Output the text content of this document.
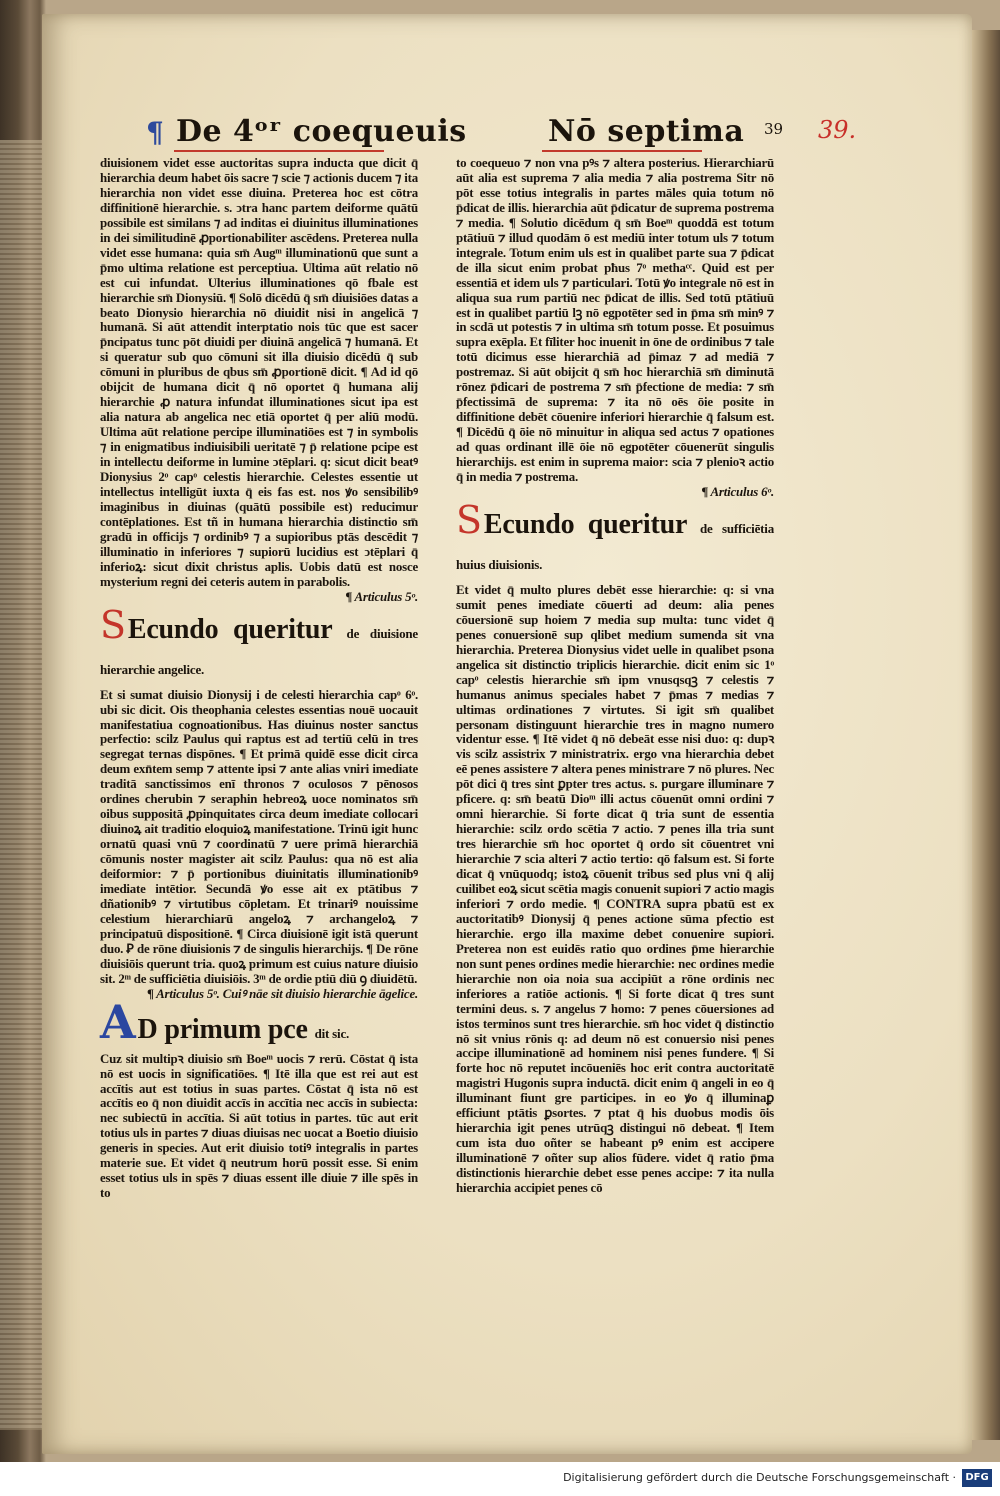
¶ De 4ᵒʳ coequeuis	Nō septima 39 39.

diuisionem videt esse auctoritas supra inducta que dicit q̄ hierarchia deum habet ōis sacre ⁊ scie ⁊ actionis ducem ⁊ ita hierarchia non videt esse diuina. Preterea hoc est cōtra diffinitionē hierarchie. s. ↄtra hanc partem deiforme quātū possibile est similans ⁊ ad inditas ei diuinitus illuminationes in dei similitudinē ꝓportionabiliter ascēdens. Preterea nulla videt esse humana: quia sm̄ Augᵐ illuminationū que sunt a p̄mo ultima relatione est perceptiua. Ultima aūt relatio nō est cui infundat. Ulterius illuminationes qō fbale est hierarchie sm̄ Dionysiū. ¶ Solō dicēdū q̄ sm̄ diuisiōes datas a beato Dionysio hierarchia nō diuidit nisi in angelicā ⁊ humanā. Si aūt attendit interptatio nois tūc que est sacer p̄ncipatus tunc pōt diuidi per diuinā angelicā ⁊ humanā. Et si queratur sub quo cōmuni sit illa diuisio dicēdū q̄ sub cōmuni in pluribus de qbus sm̄ ꝓportionē dicit. ¶ Ad id qō obijcit de humana dicit q̄ nō oportet q̄ humana alij hierarchie ꝓ natura infundat illuminationes sicut ipa est alia natura ab angelica nec etiā oportet q̄ per aliū modū. Ultima aūt relatione percipe illuminatiōes est ⁊ in symbolis ⁊ in enigmatibus indiuisibili ueritatē ⁊ p̄ relatione pcipe est in intellectu deiforme in lumine ↄtēplari. q: sicut dicit beatꝰ Dionysius 2ᵒ capᵒ celestis hierarchie. Celestes essentie ut intellectus intelligūt iuxta q̄ eis fas est. nos ꝟo sensibilibꝰ imaginibus in diuinas (quātū possibile est) reducimur contēplationes. Est tñ in humana hierarchia distinctio sm̄ gradū in officijs ⁊ ordinibꝰ ⁊ a supioribus ptās descēdit ⁊ illuminatio in inferiores ⁊ supiorū lucidius est ↄtēplari q̄ inferioꝝ: sicut dixit christus aplis. Uobis datū est nosce mysterium regni dei ceteris autem in parabolis.

¶ Articulus 5ᵒ.

SEcundo queritur de diuisione hierarchie angelice.

Et si sumat diuisio Dionysij i de celesti hierarchia capᵒ 6ᵒ. ubi sic dicit. Ois theophania celestes essentias nouē uocauit manifestatiua cognoationibus. Has diuinus noster sanctus perfectio: scilz Paulus qui raptus est ad tertiū celū in tres segregat ternas dispōnes. ¶ Et primā quidē esse dicit circa deum exn̄tem semp ⁊ attente ipsi ⁊ ante alias vniri imediate traditā sanctissimos enī thronos ⁊ oculosos ⁊ pēnosos ordines cherubin ⁊ seraphin hebreoꝝ uoce nominatos sm̄ oibus suppositā ꝓpinquitates circa deum imediate collocari diuinoꝝ ait traditio eloquioꝝ manifestatione. Trinū igit hunc ornatū quasi vnū ⁊ coordinatū ⁊ uere primā hierarchiā cōmunis noster magister ait scilz Paulus: qua nō est alia deiformior: ⁊ p̄ portionibus diuinitatis illuminationibꝰ imediate intētior. Secundā ꝟo esse ait ex ptātibus ⁊ dñationibꝰ ⁊ virtutibus cōpletam. Et trinariꝰ nouissime celestium hierarchiarū angeloꝝ ⁊ archangeloꝝ ⁊ principatuū dispositionē. ¶ Circa diuisionē igit istā querunt duo. Ꝑ de rōne diuisionis ⁊ de singulis hierarchijs. ¶ De rōne diuisiōis querunt tria. quoꝝ primum est cuius nature diuisio sit. 2ᵐ de sufficiētia diuisiōis. 3ᵐ de ordie ptiū diū ꝯ diuidētū.

¶ Articulus 5ᵒ. Cuiꝰ nāe sit diuisio hierarchie āgelice.

AD primum pce dit sic.

Cuz sit multipꝛ diuisio sm̄ Boeᵐ uocis ⁊ rerū. Cōstat q̄ ista nō est uocis in significatiōes. ¶ Itē illa que est rei aut est accītis aut est totius in suas partes. Cōstat q̄ ista nō est accītis eo q̄ non diuidit accīs in accītia nec accīs in subiecta: nec subiectū in accītia. Si aūt totius in partes. tūc aut erit totius uls in partes ⁊ diuas diuisas nec uocat a Boetio diuisio generis in species. Aut erit diuisio totiꝰ integralis in partes materie sue. Et videt q̄ neutrum horū possit esse. Si enim esset totius uls in spēs ⁊ diuas essent ille diuie ⁊ ille spēs in to

to coequeuo ⁊ non vna pꝰs ⁊ altera posterius. Hierarchiarū aūt alia est suprema ⁊ alia media ⁊ alia postrema Sitr nō pōt esse totius integralis in partes māles quia totum nō p̄dicat de illis. hierarchia aūt p̄dicatur de suprema postrema ⁊ media. ¶ Solutio dicēdum q̄ sm̄ Boeᵐ quoddā est totum ptātiuū ⁊ illud quodām ō est mediū inter totum uls ⁊ totum integrale. Totum enim uls est in qualibet parte sua ⁊ p̄dicat de illa sicut enim probat pħus 7ᵒ methaᶜᶜ. Quid est per essentiā et idem uls ⁊ particulari. Totū ꝟo integrale nō est in aliqua sua rum partiū nec p̄dicat de illis. Sed totū ptātiuū est in qualibet partiū lꝫ nō egpotēter sed in p̄ma sm̄ minꝰ ⁊ in scdā ut potestis ⁊ in ultima sm̄ totum posse. Et posuimus supra exēpla. Et fīliter hoc inuenit in ōne de ordinibus ⁊ tale totū dicimus esse hierarchiā ad p̄imaz ⁊ ad mediā ⁊ postremaz. Si aūt obijcit q̄ sm̄ hoc hierarchiā sm̄ diminutā rōnez p̄dicari de postrema ⁊ sm̄ p̄fectione de media: ⁊ sm̄ p̄fectissimā de suprema: ⁊ ita nō oēs ōie posite in diffinitione debēt cōuenire inferiori hierarchie q̄ falsum est. ¶ Dicēdū q̄ ōie nō minuitur in aliqua sed actus ⁊ opationes ad quas ordinant illē ōie nō egpotēter cōuenerūt singulis hierarchijs. est enim in suprema maior: scia ⁊ plenioꝛ actio q̄ in media ⁊ postrema.

¶ Articulus 6ᵒ.

SEcundo queritur de sufficiētia huius diuisionis.

Et videt q̄ multo plures debēt esse hierarchie: q: si vna sumit penes imediate cōuerti ad deum: alia penes cōuersionē sup hoiem ⁊ media sup multa: tunc videt q̄ penes conuersionē sup qlibet medium sumenda sit vna hierarchia. Preterea Dionysius videt uelle in qualibet psona angelica sit distinctio triplicis hierarchie. dicit enim sic 1ᵒ capᵒ celestis hierarchie sm̄ ipm vnusqsqꝫ ⁊ celestis ⁊ humanus animus speciales habet ⁊ p̄mas ⁊ medias ⁊ ultimas ordinationes ⁊ virtutes. Si igit sm̄ qualibet personam distinguunt hierarchie tres in magno numero videntur esse. ¶ Itē videt q̄ nō debeāt esse nisi duo: q: dupꝛ vis scilz assistrix ⁊ ministratrix. ergo vna hierarchia debet eē penes assistere ⁊ altera penes ministrare ⁊ nō plures. Nec pōt dici q̄ tres sint ꝑpter tres actus. s. purgare illuminare ⁊ pficere. q: sm̄ beatū Dioᵐ illi actus cōuenūt omni ordini ⁊ omni hierarchie. Si forte dicat q̄ tria sunt de essentia hierarchie: scilz ordo scētia ⁊ actio. ⁊ penes illa tria sunt tres hierarchie sm̄ hoc oportet q̄ ordo sit cōuentret vni hierarchie ⁊ scia alteri ⁊ actio tertio: qō falsum est. Si forte dicat q̄ vnūquodq; istoꝝ cōuenit tribus sed plus vni q̄ alij cuilibet eoꝝ sicut scētia magis conuenit supiori ⁊ actio magis inferiori ⁊ ordo medie. ¶ CONTRA supra pbatū est ex auctoritatibꝰ Dionysij q̄ penes actione sūma pfectio est hierarchie. ergo illa maxime debet conuenire supiori. Preterea non est euidēs ratio quo ordines p̄me hierarchie non sunt penes ordines medie hierarchie: nec ordines medie hierarchie non oia noia sua accipiūt a rōne ordinis nec inferiores a ratiōe actionis. ¶ Si forte dicat q̄ tres sunt termini deus. s. ⁊ angelus ⁊ homo: ⁊ penes cōuersiones ad istos terminos sunt tres hierarchie. sm̄ hoc videt q̄ distinctio nō sit vnius rōnis q: ad deum nō est conuersio nisi penes accipe illuminationē ad hominem nisi penes fundere. ¶ Si forte hoc nō reputet incōueniēs hoc erit contra auctoritatē magistri Hugonis supra inductā. dicit enim q̄ angeli in eo q̄ illuminant fiunt gre participes. in eo ꝟo q̄ illuminaꝑ efficiunt ptātis ꝑsortes. ⁊ ptat q̄ his duobus modis ōis hierarchia igit penes utrūqꝫ distingui nō debeat. ¶ Item cum ista duo oñter se habeant pꝰ enim est accipere illuminationē ⁊ oñter sup alios fūdere. videt q̄ ratio p̄ma distinctionis hierarchie debet esse penes accipe: ⁊ ita nulla hierarchia accipiet penes cō

Digitalisierung gefördert durch die Deutsche Forschungsgemeinschaft · DFG
